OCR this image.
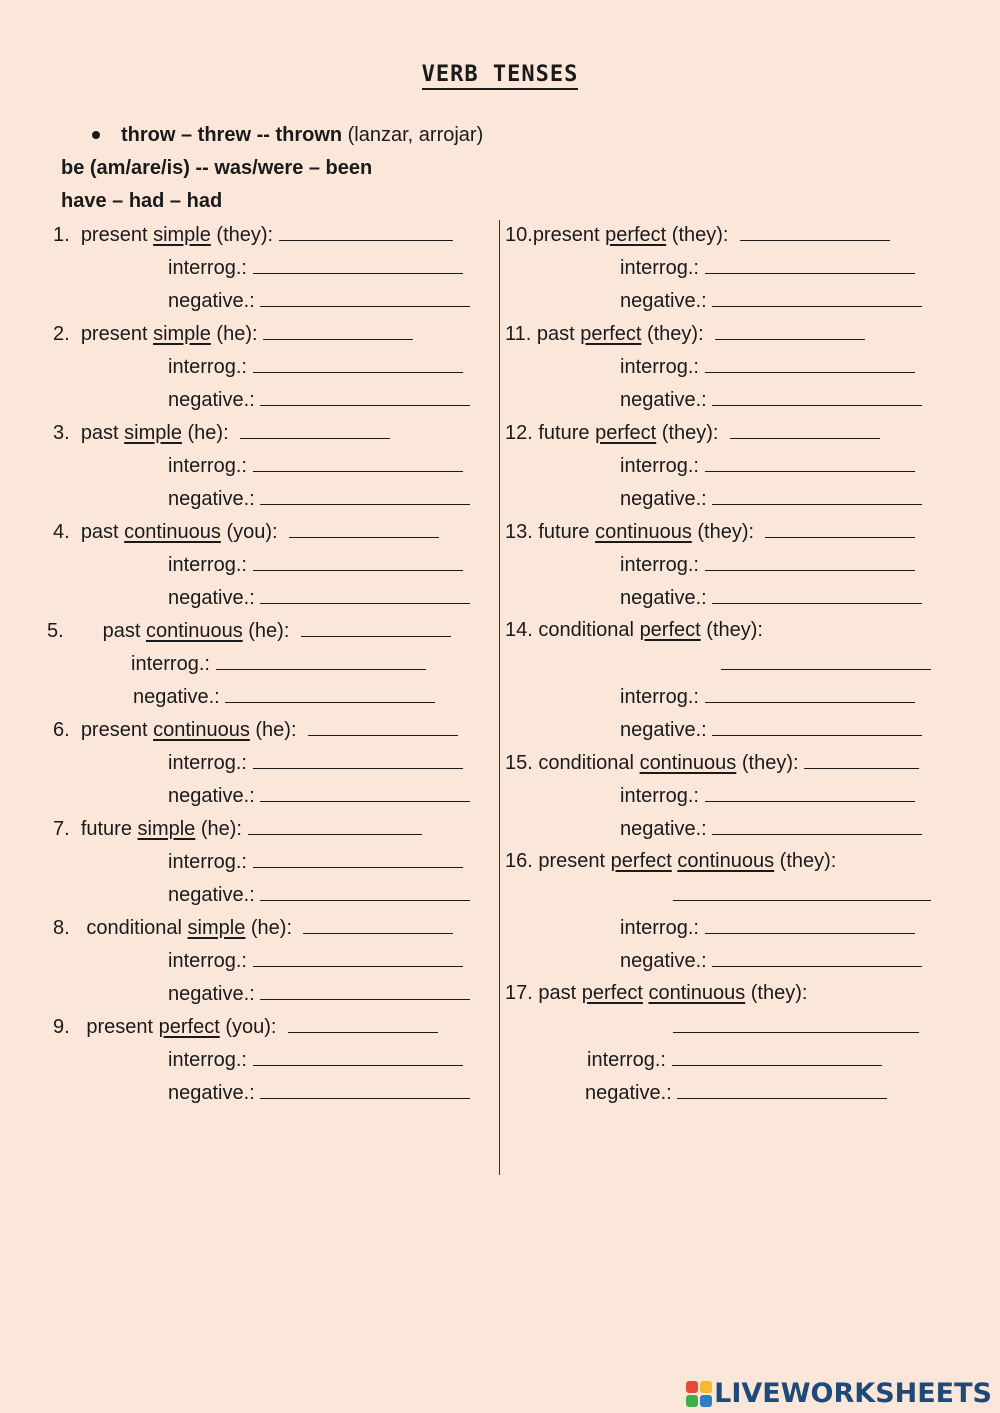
VERB TENSES
throw – threw -- thrown (lanzar, arrojar)
be (am/are/is) -- was/were – been
have – had – had
1. present simple (they):
interrog.:
negative.:
2. present simple (he):
interrog.:
negative.:
3. past simple (he):
interrog.:
negative.:
4. past continuous (you):
interrog.:
negative.:
5. past continuous (he):
interrog.:
negative.:
6. present continuous (he):
interrog.:
negative.:
7. future simple (he):
interrog.:
negative.:
8. conditional simple (he):
interrog.:
negative.:
9. present perfect (you):
interrog.:
negative.:
10.present perfect (they):
interrog.:
negative.:
11. past perfect (they):
interrog.:
negative.:
12. future perfect (they):
interrog.:
negative.:
13. future continuous (they):
interrog.:
negative.:
14. conditional perfect (they):
interrog.:
negative.:
15. conditional continuous (they):
interrog.:
negative.:
16. present perfect continuous (they):
interrog.:
negative.:
17. past perfect continuous (they):
interrog.:
negative.:
LIVEWORKSHEETS
